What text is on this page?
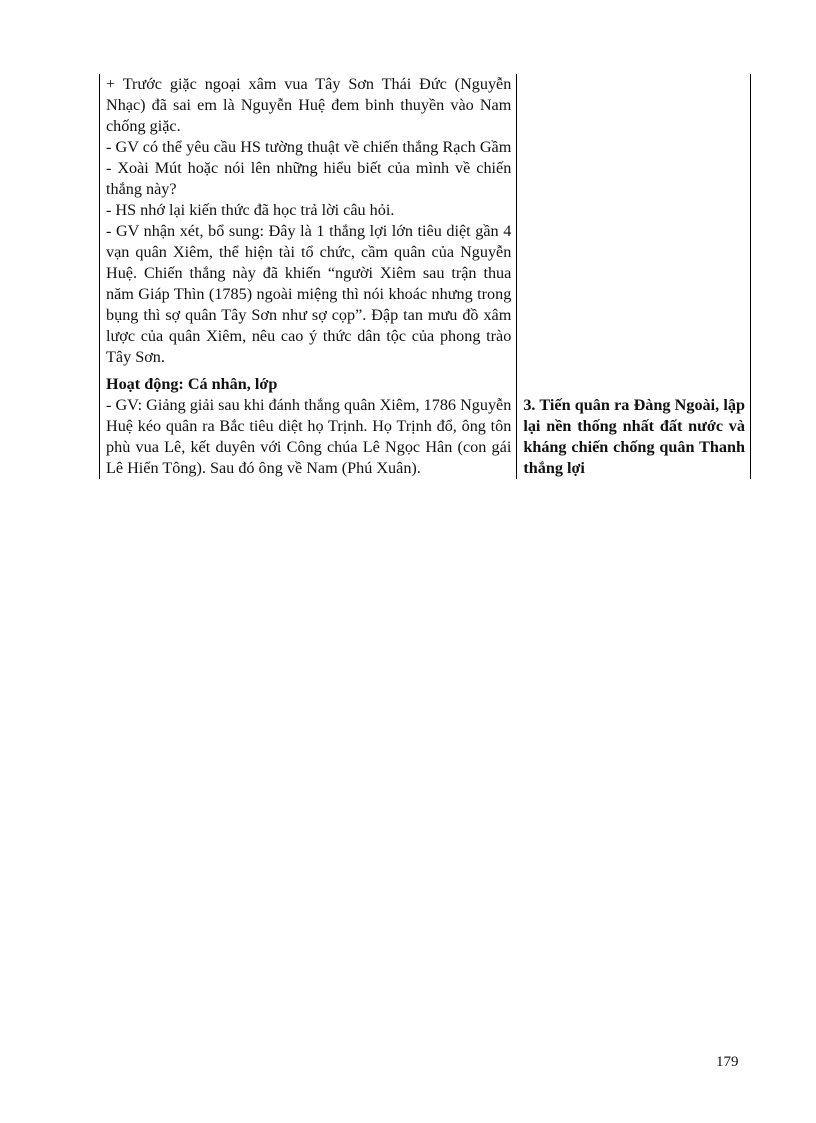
+ Trước giặc ngoại xâm vua Tây Sơn Thái Đức (Nguyễn Nhạc) đã sai em là Nguyễn Huệ đem binh thuyền vào Nam chống giặc.

- GV có thể yêu cầu HS tường thuật về chiến thắng Rạch Gầm - Xoài Mút hoặc nói lên những hiểu biết của mình về chiến thắng này?

- HS nhớ lại kiến thức đã học trả lời câu hỏi.

- GV nhận xét, bổ sung: Đây là 1 thắng lợi lớn tiêu diệt gần 4 vạn quân Xiêm, thể hiện tài tổ chức, cầm quân của Nguyễn Huệ. Chiến thắng này đã khiến “người Xiêm sau trận thua năm Giáp Thìn (1785) ngoài miệng thì nói khoác nhưng trong bụng thì sợ quân Tây Sơn như sợ cọp”. Đập tan mưu đồ xâm lược của quân Xiêm, nêu cao ý thức dân tộc của phong trào Tây Sơn.	

Hoạt động: Cá nhân, lớp

- GV: Giảng giải sau khi đánh thắng quân Xiêm, 1786 Nguyễn Huệ kéo quân ra Bắc tiêu diệt họ Trịnh. Họ Trịnh đổ, ông tôn phù vua Lê, kết duyên với Công chúa Lê Ngọc Hân (con gái Lê Hiển Tông). Sau đó ông về Nam (Phú Xuân).	3. Tiến quân ra Đàng Ngoài, lập lại nền thống nhất đất nước và kháng chiến chống quân Thanh thắng lợi

179
